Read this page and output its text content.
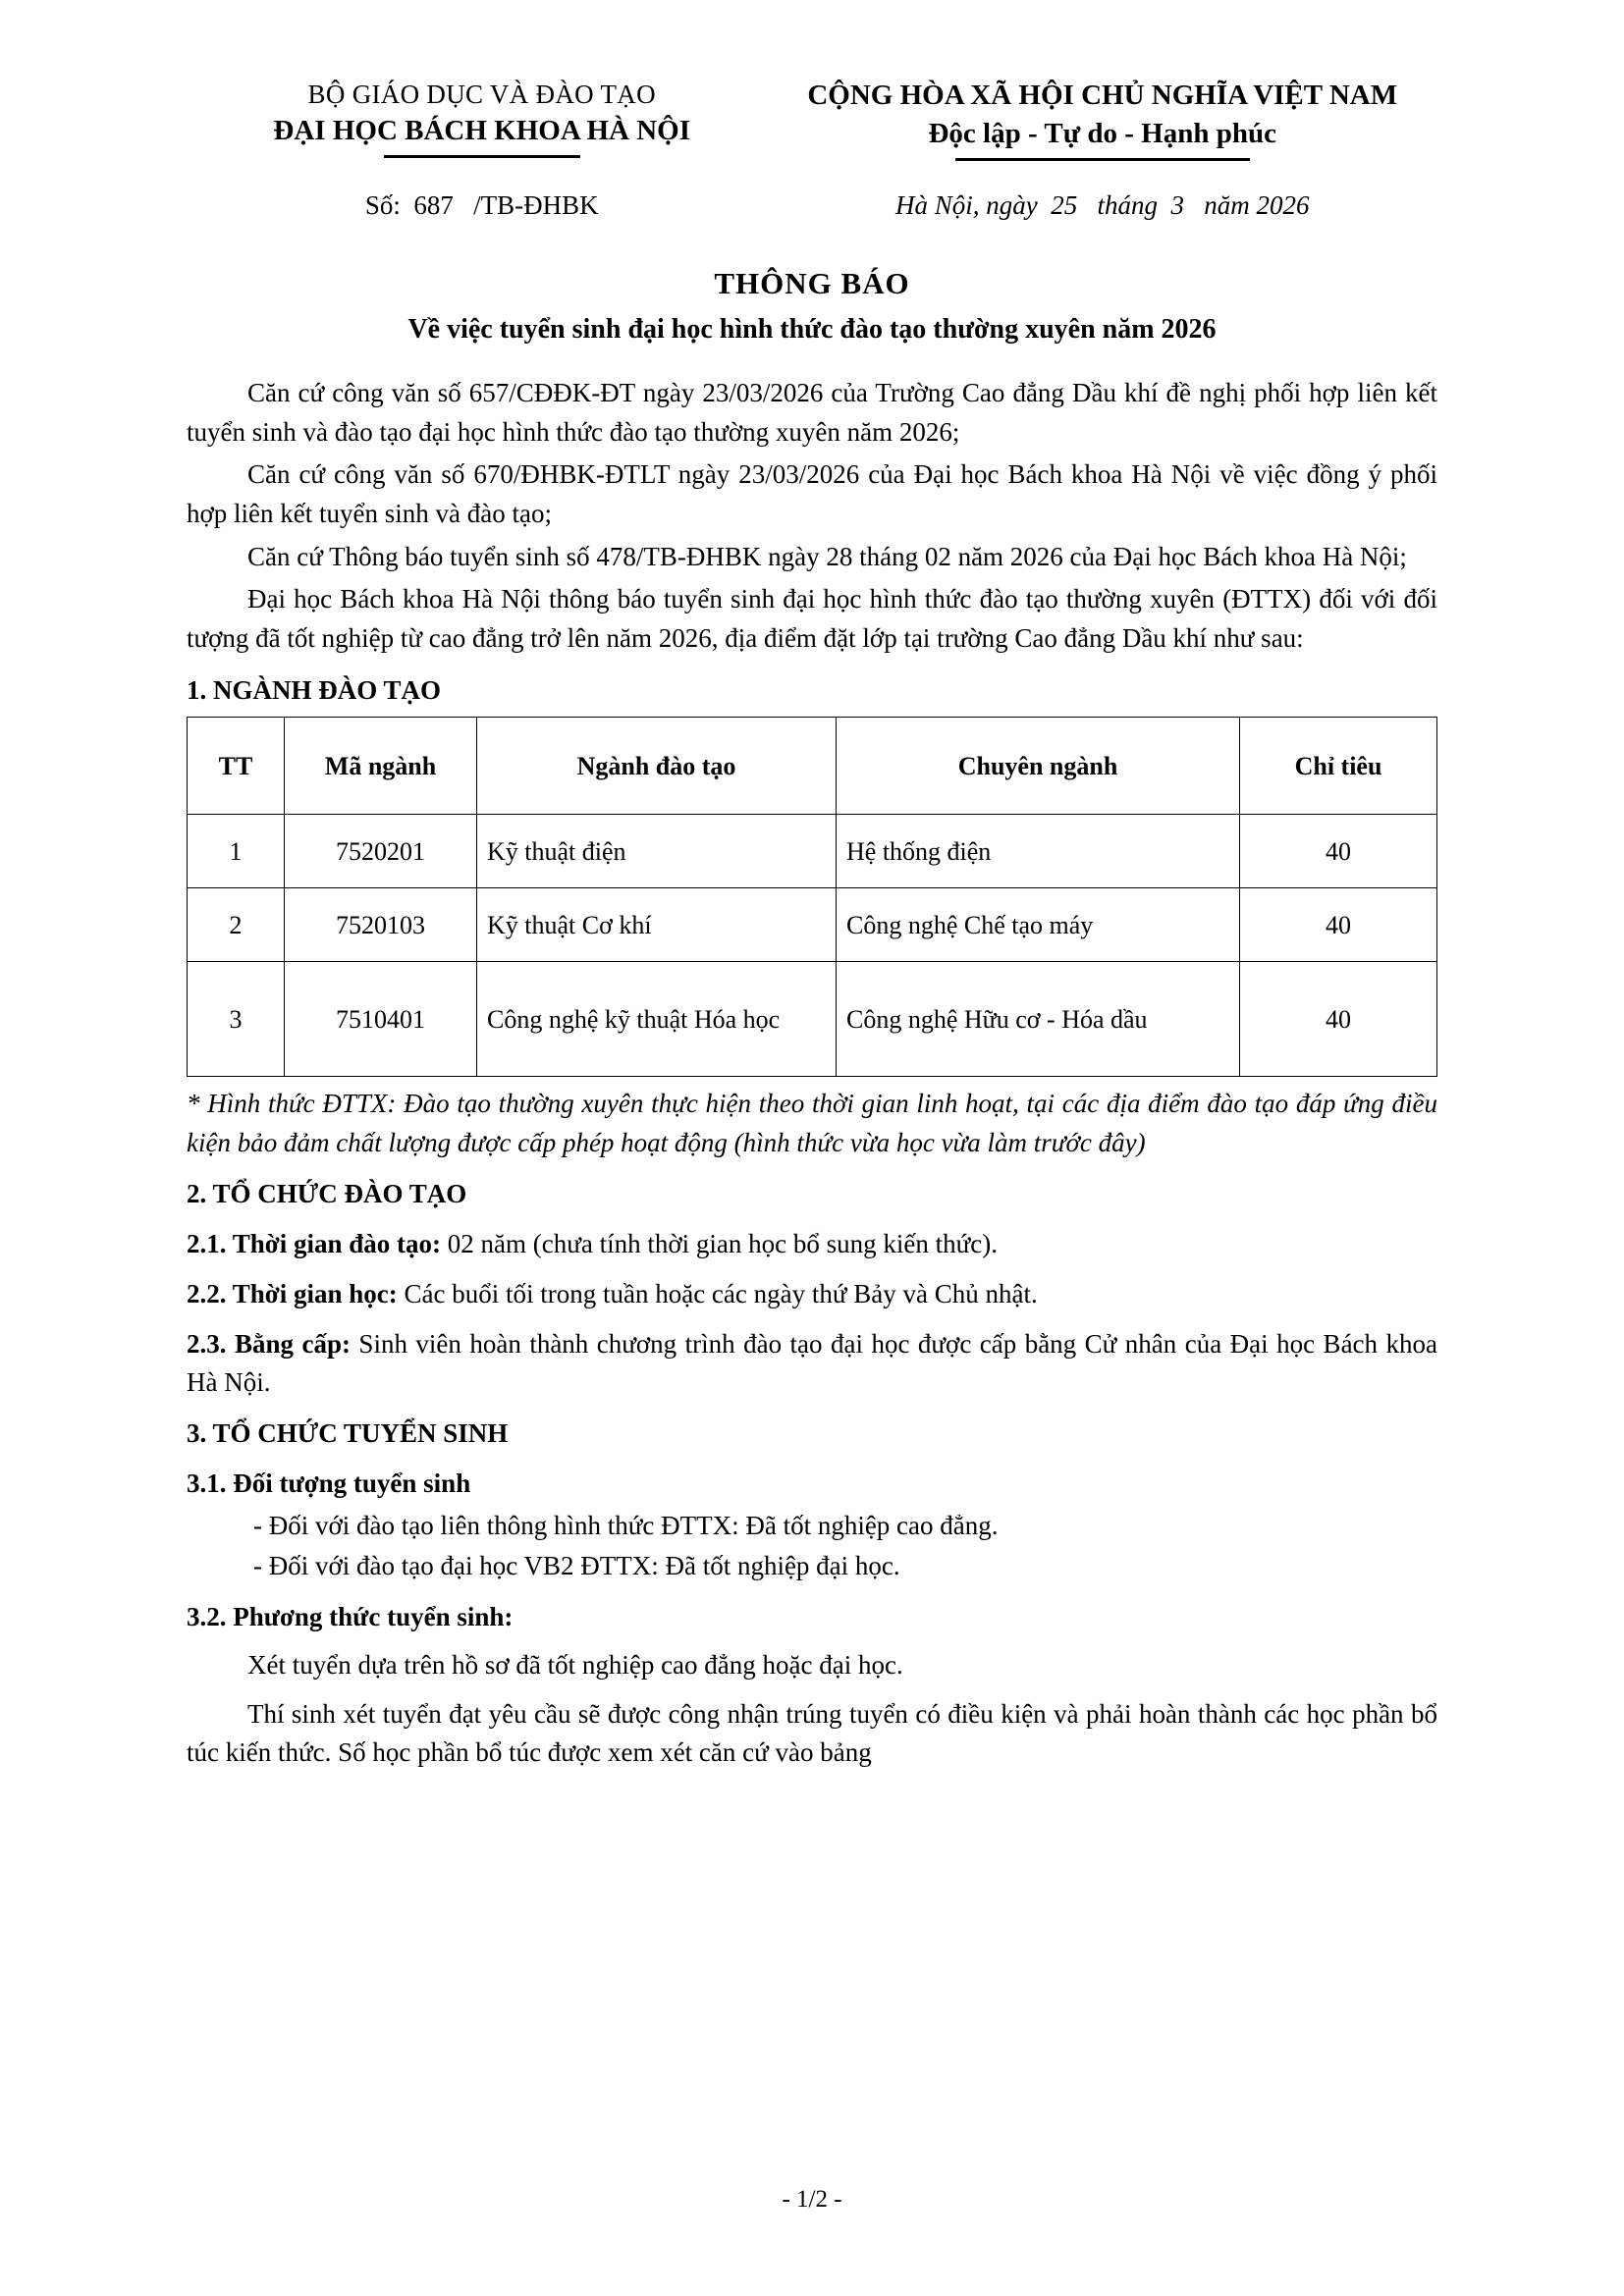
BỘ GIÁO DỤC VÀ ĐÀO TẠO
ĐẠI HỌC BÁCH KHOA HÀ NỘI
CỘNG HÒA XÃ HỘI CHỦ NGHĨA VIỆT NAM
Độc lập - Tự do - Hạnh phúc
Số:  687   /TB-ĐHBK	Hà Nội, ngày  25   tháng  3   năm 2026
THÔNG BÁO
Về việc tuyển sinh đại học hình thức đào tạo thường xuyên năm 2026

Căn cứ công văn số 657/CĐĐK-ĐT ngày 23/03/2026 của Trường Cao đẳng Dầu khí đề nghị phối hợp liên kết tuyển sinh và đào tạo đại học hình thức đào tạo thường xuyên năm 2026;

Căn cứ công văn số 670/ĐHBK-ĐTLT ngày 23/03/2026 của Đại học Bách khoa Hà Nội về việc đồng ý phối hợp liên kết tuyển sinh và đào tạo;

Căn cứ Thông báo tuyển sinh số 478/TB-ĐHBK ngày 28 tháng 02 năm 2026 của Đại học Bách khoa Hà Nội;

Đại học Bách khoa Hà Nội thông báo tuyển sinh đại học hình thức đào tạo thường xuyên (ĐTTX) đối với đối tượng đã tốt nghiệp từ cao đẳng trở lên năm 2026, địa điểm đặt lớp tại trường Cao đẳng Dầu khí như sau:

1. NGÀNH ĐÀO TẠO
TT	Mã ngành	Ngành đào tạo	Chuyên ngành	Chỉ tiêu
1	7520201	Kỹ thuật điện	Hệ thống điện	40
2	7520103	Kỹ thuật Cơ khí	Công nghệ Chế tạo máy	40
3	7510401	Công nghệ kỹ thuật Hóa học	Công nghệ Hữu cơ - Hóa dầu	40
* Hình thức ĐTTX: Đào tạo thường xuyên thực hiện theo thời gian linh hoạt, tại các địa điểm đào tạo đáp ứng điều kiện bảo đảm chất lượng được cấp phép hoạt động (hình thức vừa học vừa làm trước đây)
2. TỔ CHỨC ĐÀO TẠO
2.1. Thời gian đào tạo: 02 năm (chưa tính thời gian học bổ sung kiến thức).
2.2. Thời gian học: Các buổi tối trong tuần hoặc các ngày thứ Bảy và Chủ nhật.
2.3. Bằng cấp: Sinh viên hoàn thành chương trình đào tạo đại học được cấp bằng Cử nhân của Đại học Bách khoa Hà Nội.
3. TỔ CHỨC TUYỂN SINH
3.1. Đối tượng tuyển sinh
- Đối với đào tạo liên thông hình thức ĐTTX: Đã tốt nghiệp cao đẳng.
- Đối với đào tạo đại học VB2 ĐTTX: Đã tốt nghiệp đại học.
3.2. Phương thức tuyển sinh:

Xét tuyển dựa trên hồ sơ đã tốt nghiệp cao đẳng hoặc đại học.

Thí sinh xét tuyển đạt yêu cầu sẽ được công nhận trúng tuyển có điều kiện và phải hoàn thành các học phần bổ túc kiến thức. Số học phần bổ túc được xem xét căn cứ vào bảng

- 1/2 -
